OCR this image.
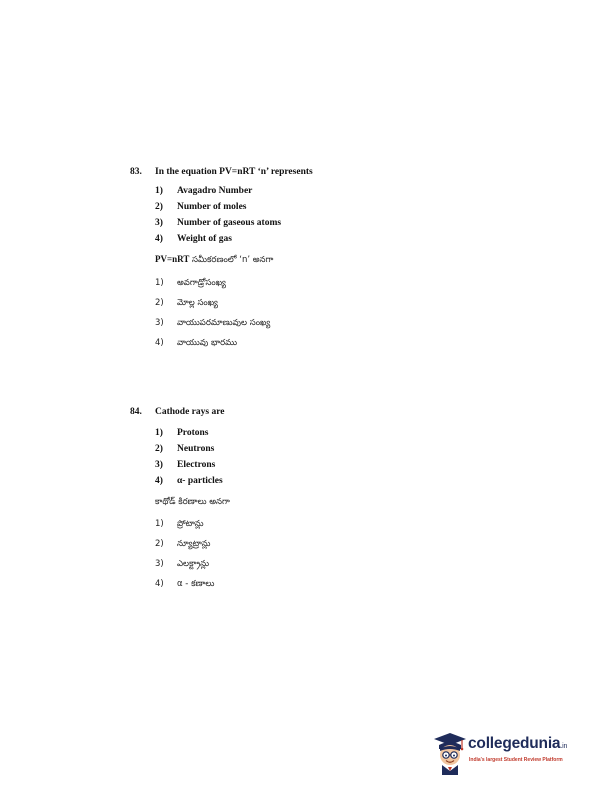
83. In the equation PV=nRT ‘n’ represents
1) Avagadro Number
2) Number of moles
3) Number of gaseous atoms
4) Weight of gas
PV=nRT సమీకరణంలో ‘n’ అనగా
1) అవగాడ్రోసంఖ్య
2) మోల్ల సంఖ్య
3) వాయుపరమాణువుల సంఖ్య
4) వాయువు భారము
84. Cathode rays are
1) Protons
2) Neutrons
3) Electrons
4) α- particles
కాథోడ్ కిరణాలు అనగా
1) ప్రోటాన్లు
2) న్యూట్రాన్లు
3) ఎలక్ట్రాన్లు
4) α - కణాలు
collegedunia.in
India's largest Student Review Platform
